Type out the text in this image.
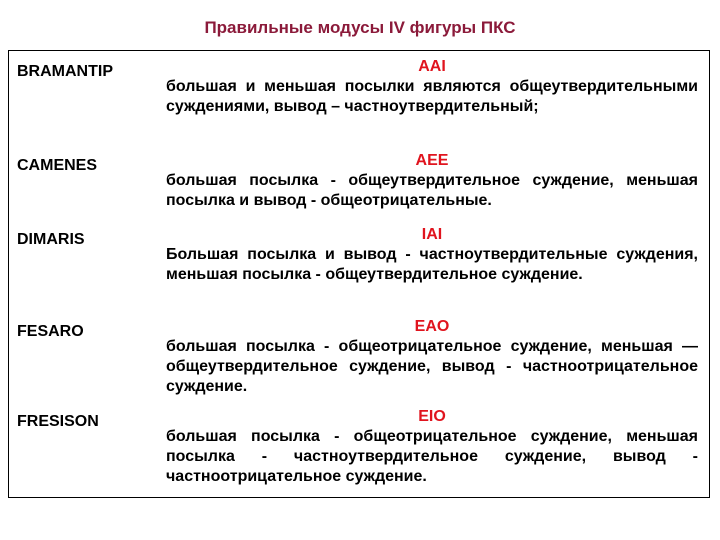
Правильные модусы IV фигуры ПКС
BRAMANTIP	AAI
большая и меньшая посылки являются общеутвердительными суждениями, вывод – частноутвердительный;
CAMENES	AEE
большая посылка - общеутвердительное суждение, меньшая посылка и вывод - общеотрицательные.
DIMARIS	IAI
Большая посылка и вывод - частноутвердительные суждения, меньшая посылка - общеутвердительное суждение.
FESARO	EAO
большая посылка - общеотрицательное суждение, меньшая — общеутвердительное суждение, вывод - частноотрицательное суждение.
FRESISON	EIO
большая посылка - общеотрицательное суждение, меньшая посылка - частноутвердительное суждение, вывод - частноотрицательное суждение.
